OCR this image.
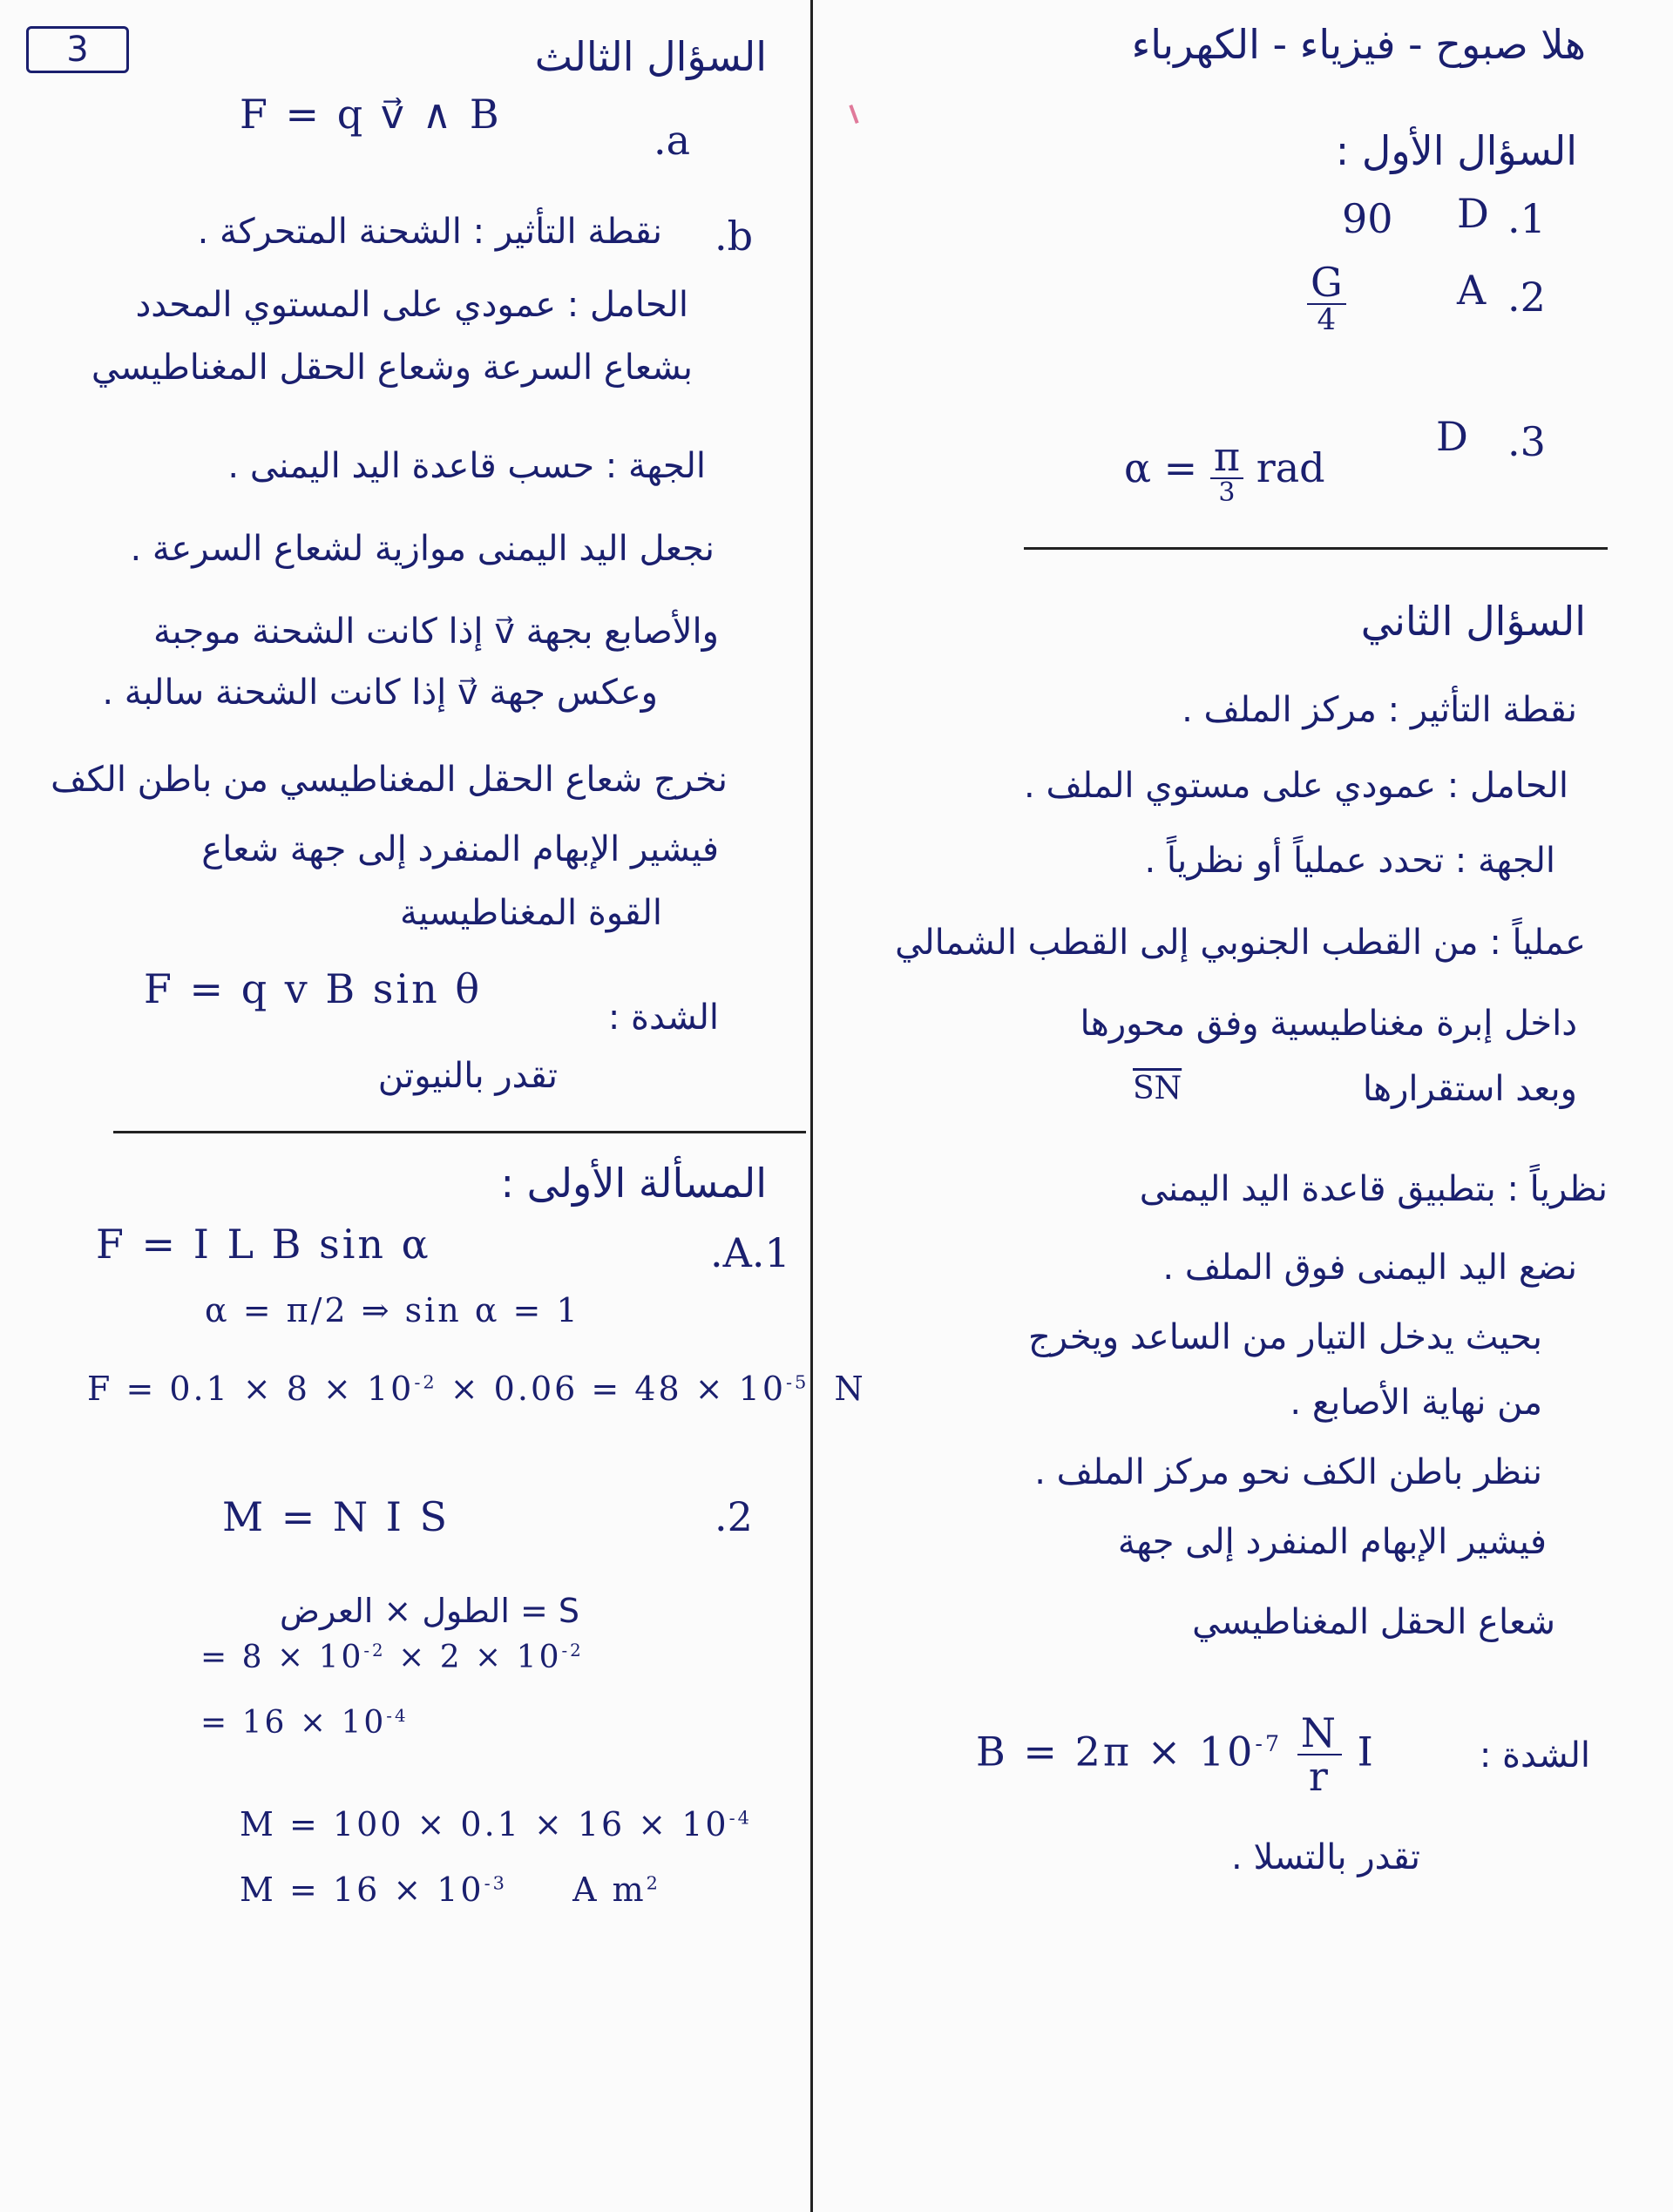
3	هلا صبوح - فيزياء - الكهرباء
السؤال الأول :
1.
D
90
2.
A
$\frac{G}{4}$
3.
D
$\alpha = \frac{\pi}{3}$ rad
السؤال الثاني
نقطة التأثير : مركز الملف .
الحامل : عمودي على مستوي الملف .
الجهة : تحدد عملياً أو نظرياً .
عملياً : من القطب الجنوبي إلى القطب الشمالي
داخل إبرة مغناطيسية وفق محورها
وبعد استقرارها
$\overline{SN}$
نظرياً : بتطبيق قاعدة اليد اليمنى
نضع اليد اليمنى فوق الملف .
بحيث يدخل التيار من الساعد ويخرج
من نهاية الأصابع .
ننظر باطن الكف نحو مركز الملف .
فيشير الإبهام المنفرد إلى جهة
شعاع الحقل المغناطيسي
الشدة :
$B = 2\pi \times 10^{-7} \frac{N}{r}$ I
تقدر بالتسلا .
السؤال الثالث
F = q v⃗ ∧ B
a.
b.
نقطة التأثير : الشحنة المتحركة .
الحامل : عمودي على المستوي المحدد
بشعاع السرعة وشعاع الحقل المغناطيسي
الجهة : حسب قاعدة اليد اليمنى .
نجعل اليد اليمنى موازية لشعاع السرعة .
والأصابع بجهة v⃗ إذا كانت الشحنة موجبة
وعكس جهة v⃗ إذا كانت الشحنة سالبة .
نخرج شعاع الحقل المغناطيسي من باطن الكف
فيشير الإبهام المنفرد إلى جهة شعاع
القوة المغناطيسية
الشدة :
F = q v B sin θ
تقدر بالنيوتن
المسألة الأولى :
A.1.
F = I L B sin α
α = π/2 ⇒ sin α = 1
$F = 0.1 \times 8 \times 10^{-2} \times 0.06 = 48 \times 10^{-5}$ N
2.
M = N I S
S = الطول × العرض
= $8 \times 10^{-2} \times 2 \times 10^{-2}$
= $16 \times 10^{-4}$
$M = 100 \times 0.1 \times 16 \times 10^{-4}$
$M = 16 \times 10^{-3}$ A $m^2$
